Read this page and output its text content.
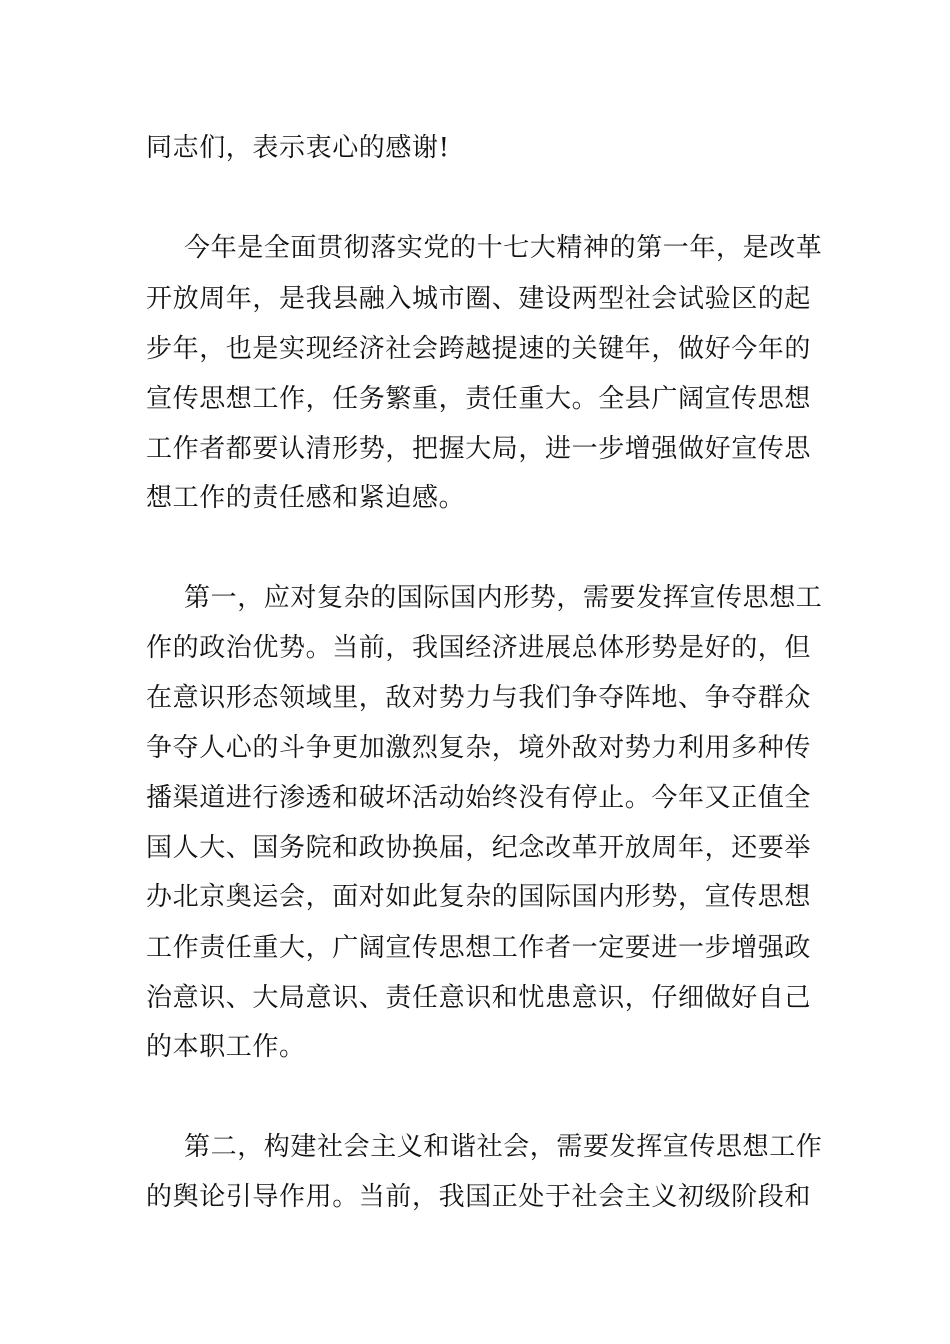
同志们，表示衷心的感谢!

今年是全面贯彻落实党的十七大精神的第一年，是改革

开放周年，是我县融入城市圈、建设两型社会试验区的起

步年，也是实现经济社会跨越提速的关键年，做好今年的

宣传思想工作，任务繁重，责任重大。全县广阔宣传思想

工作者都要认清形势，把握大局，进一步增强做好宣传思

想工作的责任感和紧迫感。

第一，应对复杂的国际国内形势，需要发挥宣传思想工

作的政治优势。当前，我国经济进展总体形势是好的，但

在意识形态领域里，敌对势力与我们争夺阵地、争夺群众

争夺人心的斗争更加激烈复杂，境外敌对势力利用多种传

播渠道进行渗透和破坏活动始终没有停止。今年又正值全

国人大、国务院和政协换届，纪念改革开放周年，还要举

办北京奥运会，面对如此复杂的国际国内形势，宣传思想

工作责任重大，广阔宣传思想工作者一定要进一步增强政

治意识、大局意识、责任意识和忧患意识，仔细做好自己

的本职工作。

第二，构建社会主义和谐社会，需要发挥宣传思想工作

的舆论引导作用。当前，我国正处于社会主义初级阶段和
